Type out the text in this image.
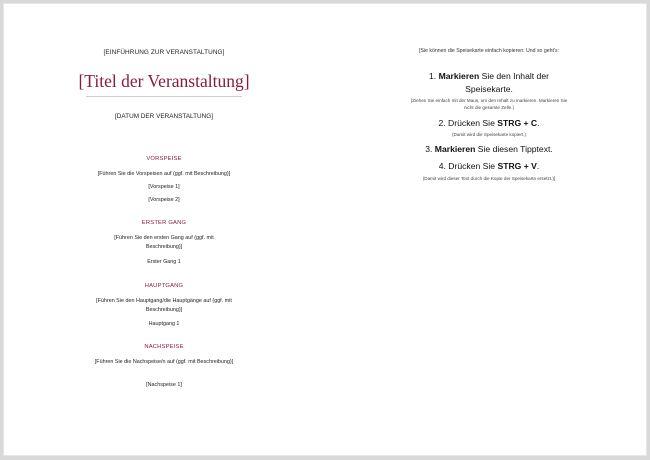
[EINFÜHRUNG ZUR VERANSTALTUNG]
[Titel der Veranstaltung]
[DATUM DER VERANSTALTUNG]
VORSPEISE
[Führen Sie die Vorspeisen auf (ggf. mit Beschreibung)]
[Vorspeise 1]
[Vorspeise 2]
ERSTER GANG
[Führen Sie den ersten Gang auf (ggf. mit Beschreibung)]
Erster Gang 1
HAUPTGANG
[Führen Sie den Hauptgang/die Hauptgänge auf (ggf. mit Beschreibung)]
Hauptgang 1
NACHSPEISE
[Führen Sie die Nachspeise/n auf (ggf. mit Beschreibung)]
[Nachspeise 1]
[Sie können die Speisekarte einfach kopieren: Und so geht's:
1. Markieren Sie den Inhalt der Speisekarte.
(Ziehen Sie einfach mit der Maus, um den Inhalt zu markieren. Markieren Sie nicht die gesamte Zelle.)
2. Drücken Sie STRG + C.
(Damit wird die Speisekarte kopiert.)
3. Markieren Sie diesen Tipptext.
4. Drücken Sie STRG + V.
(Damit wird dieser Text durch die Kopie der Speisekarte ersetzt.)]
